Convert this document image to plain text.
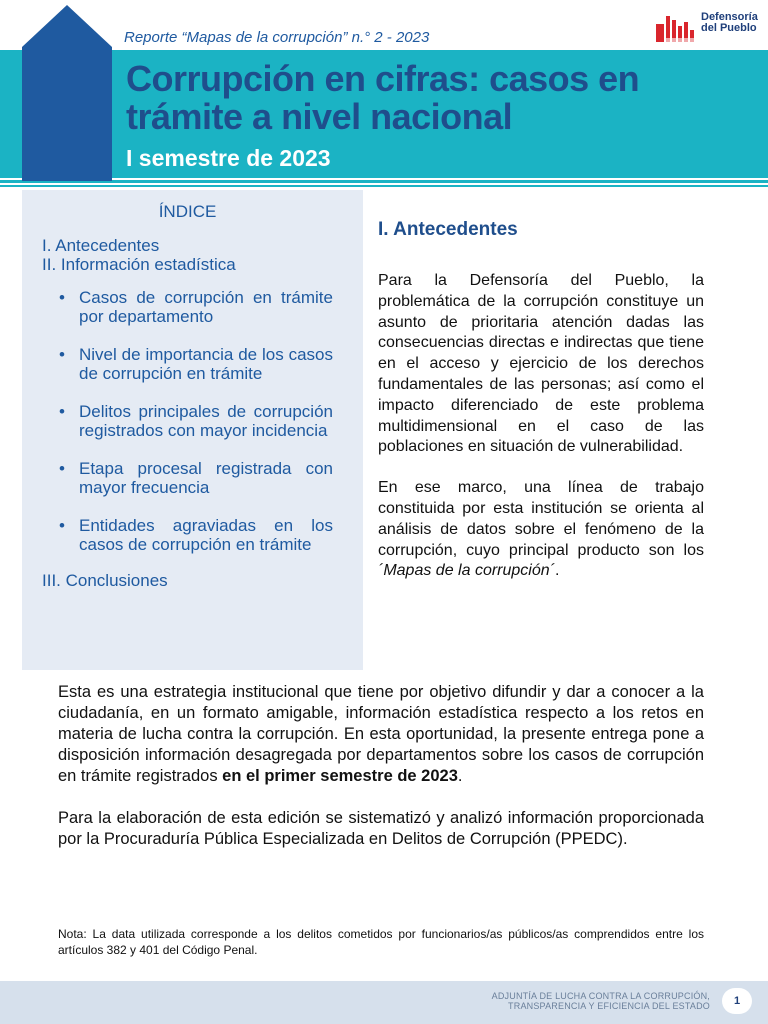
Reporte “Mapas de la corrupción” n.° 2 - 2023
Defensoría
del Pueblo
Corrupción en cifras: casos en trámite a nivel nacional
I semestre de 2023
ÍNDICE
I. Antecedentes
II. Información estadística
• Casos de corrupción en trámite por departamento
• Nivel de importancia de los casos de corrupción en trámite
• Delitos principales de corrupción registrados con mayor incidencia
• Etapa procesal registrada con mayor frecuencia
• Entidades agraviadas en los casos de corrupción en trámite
III. Conclusiones
I. Antecedentes

Para la Defensoría del Pueblo, la problemática de la corrupción constituye un asunto de prioritaria atención dadas las consecuencias directas e indirectas que tiene en el acceso y ejercicio de los derechos fundamentales de las personas; así como el impacto diferenciado de este problema multidimensional en el caso de las poblaciones en situación de vulnerabilidad.

En ese marco, una línea de trabajo constituida por esta institución se orienta al análisis de datos sobre el fenómeno de la corrupción, cuyo principal producto son los ´Mapas de la corrupción´.

Esta es una estrategia institucional que tiene por objetivo difundir y dar a conocer a la ciudadanía, en un formato amigable, información estadística respecto a los retos en materia de lucha contra la corrupción. En esta oportunidad, la presente entrega pone a disposición información desagregada por departamentos sobre los casos de corrupción en trámite registrados en el primer semestre de 2023.

Para la elaboración de esta edición se sistematizó y analizó información proporcionada por la Procuraduría Pública Especializada en Delitos de Corrupción (PPEDC).

Nota: La data utilizada corresponde a los delitos cometidos por funcionarios/as públicos/as comprendidos entre los artículos 382 y 401 del Código Penal.
ADJUNTÍA DE LUCHA CONTRA LA CORRUPCIÓN,
TRANSPARENCIA Y EFICIENCIA DEL ESTADO	1
